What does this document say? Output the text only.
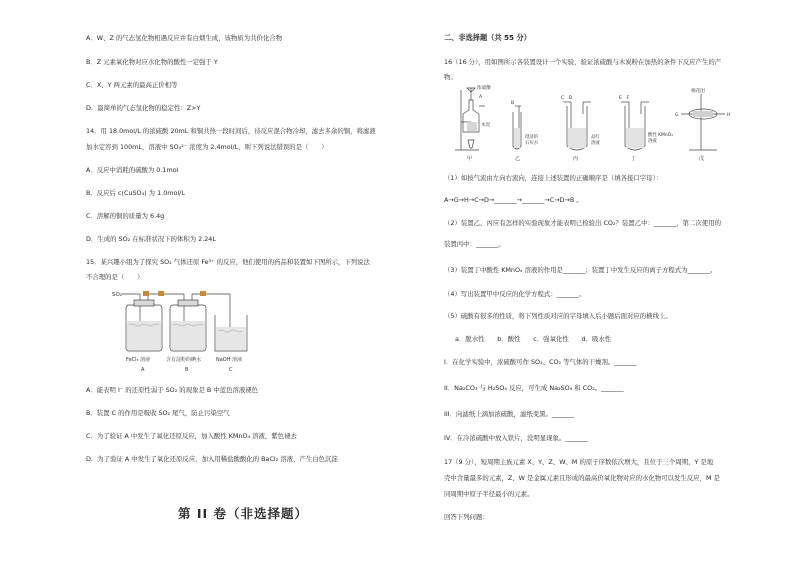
A．W、Z 的气态氢化物相遇反应并有白烟生成，该物质为共价化合物
B．Z 元素氧化物对应水化物的酸性一定强于 Y
C．X、Y 两元素的最高正价相等
D．最简单的气态氢化物的稳定性：Z>Y
14．用 18.0mol/L 的浓硫酸 20mL 和铜共热一段时间后，待反应混合物冷却，滤去多余的铜，将滤液
加水定容到 100mL，溶液中 SO₄²⁻ 浓度为 2.4mol/L，则下列说法错误的是（　　）
A．反应中消耗的硫酸为 0.1mol
B．反应后 c(CuSO₄) 为 1.0mol/L
C．溶解的铜的质量为 6.4g
D．生成的 SO₂ 在标准状况下的体积为 2.24L
15．某兴趣小组为了探究 SO₂ 气体还原 Fe³⁺ 的反应，他们使用的药品和装置如下图所示，下列说法
不合理的是（　　）
SO₂
FeCl₃ 溶液	含有淀粉的碘水	NaOH 溶液
A	B	C
A．能表明 I⁻ 的还原性弱于 SO₂ 的现象是 B 中蓝色溶液褪色
B．装置 C 的作用是吸收 SO₂ 尾气，防止污染空气
C．为了验证 A 中发生了氧化还原反应，加入酸性 KMnO₄ 溶液，紫色褪去
D．为了验证 A 中发生了氧化还原反应，加入用稀盐酸酸化的 BaCl₂ 溶液，产生白色沉淀
第 II 卷（非选择题）
二、非选择题（共 55 分）
16（16 分），用如图所示各装置设计一个实验，验证浓硫酸与木炭粉在加热的条件下反应产生的产
物。
浓硫酸
A
木炭
甲
B
澄清的
石灰水
乙
C　D
品红
溶液
丙
E　F
酸性 KMnO₄
溶液
丁
棉花团
G	H
戊
（1）如按气流由左向右流向，连接上述装置的正确顺序是（填各接口字母）：
A→G→H→C→D→_______→_______→C→D→B 。
（2）装置乙、丙应有怎样的实验现象才能表明已检验出 CO₂？装置乙中：_______，第二次使用的
装置丙中：_______。
（3）装置丁中酸性 KMnO₄ 溶液的作用是_______；装置丁中发生反应的离子方程式为_______。
（4）写出装置甲中反应的化学方程式：_______。
（5）硫酸有很多的性质，将下列性质对应的字母填入后小题后面对应的横线上。
a．脱水性　　b．酸性　　c．强氧化性　　d．吸水性
I．在化学实验中，浓硫酸可作 SO₂、CO₂ 等气体的干燥剂。_______
II．Na₂CO₃ 与 H₂SO₄ 反应，可生成 Na₂SO₄ 和 CO₂。_______
III．向滤纸上滴加浓硫酸，滤纸变黑。_______
IV．在冷浓硫酸中放入铁片，没明显现象。_______
17（9 分），短周期主族元素 X、Y、Z、W、M 的原子序数依次增大，且位于三个周期，Y 是地
壳中含量最多的元素，Z、W 是金属元素且形成的最高价氧化物对应的水化物可以发生反应，M 是
同周期中原子半径最小的元素。
回答下列问题：
